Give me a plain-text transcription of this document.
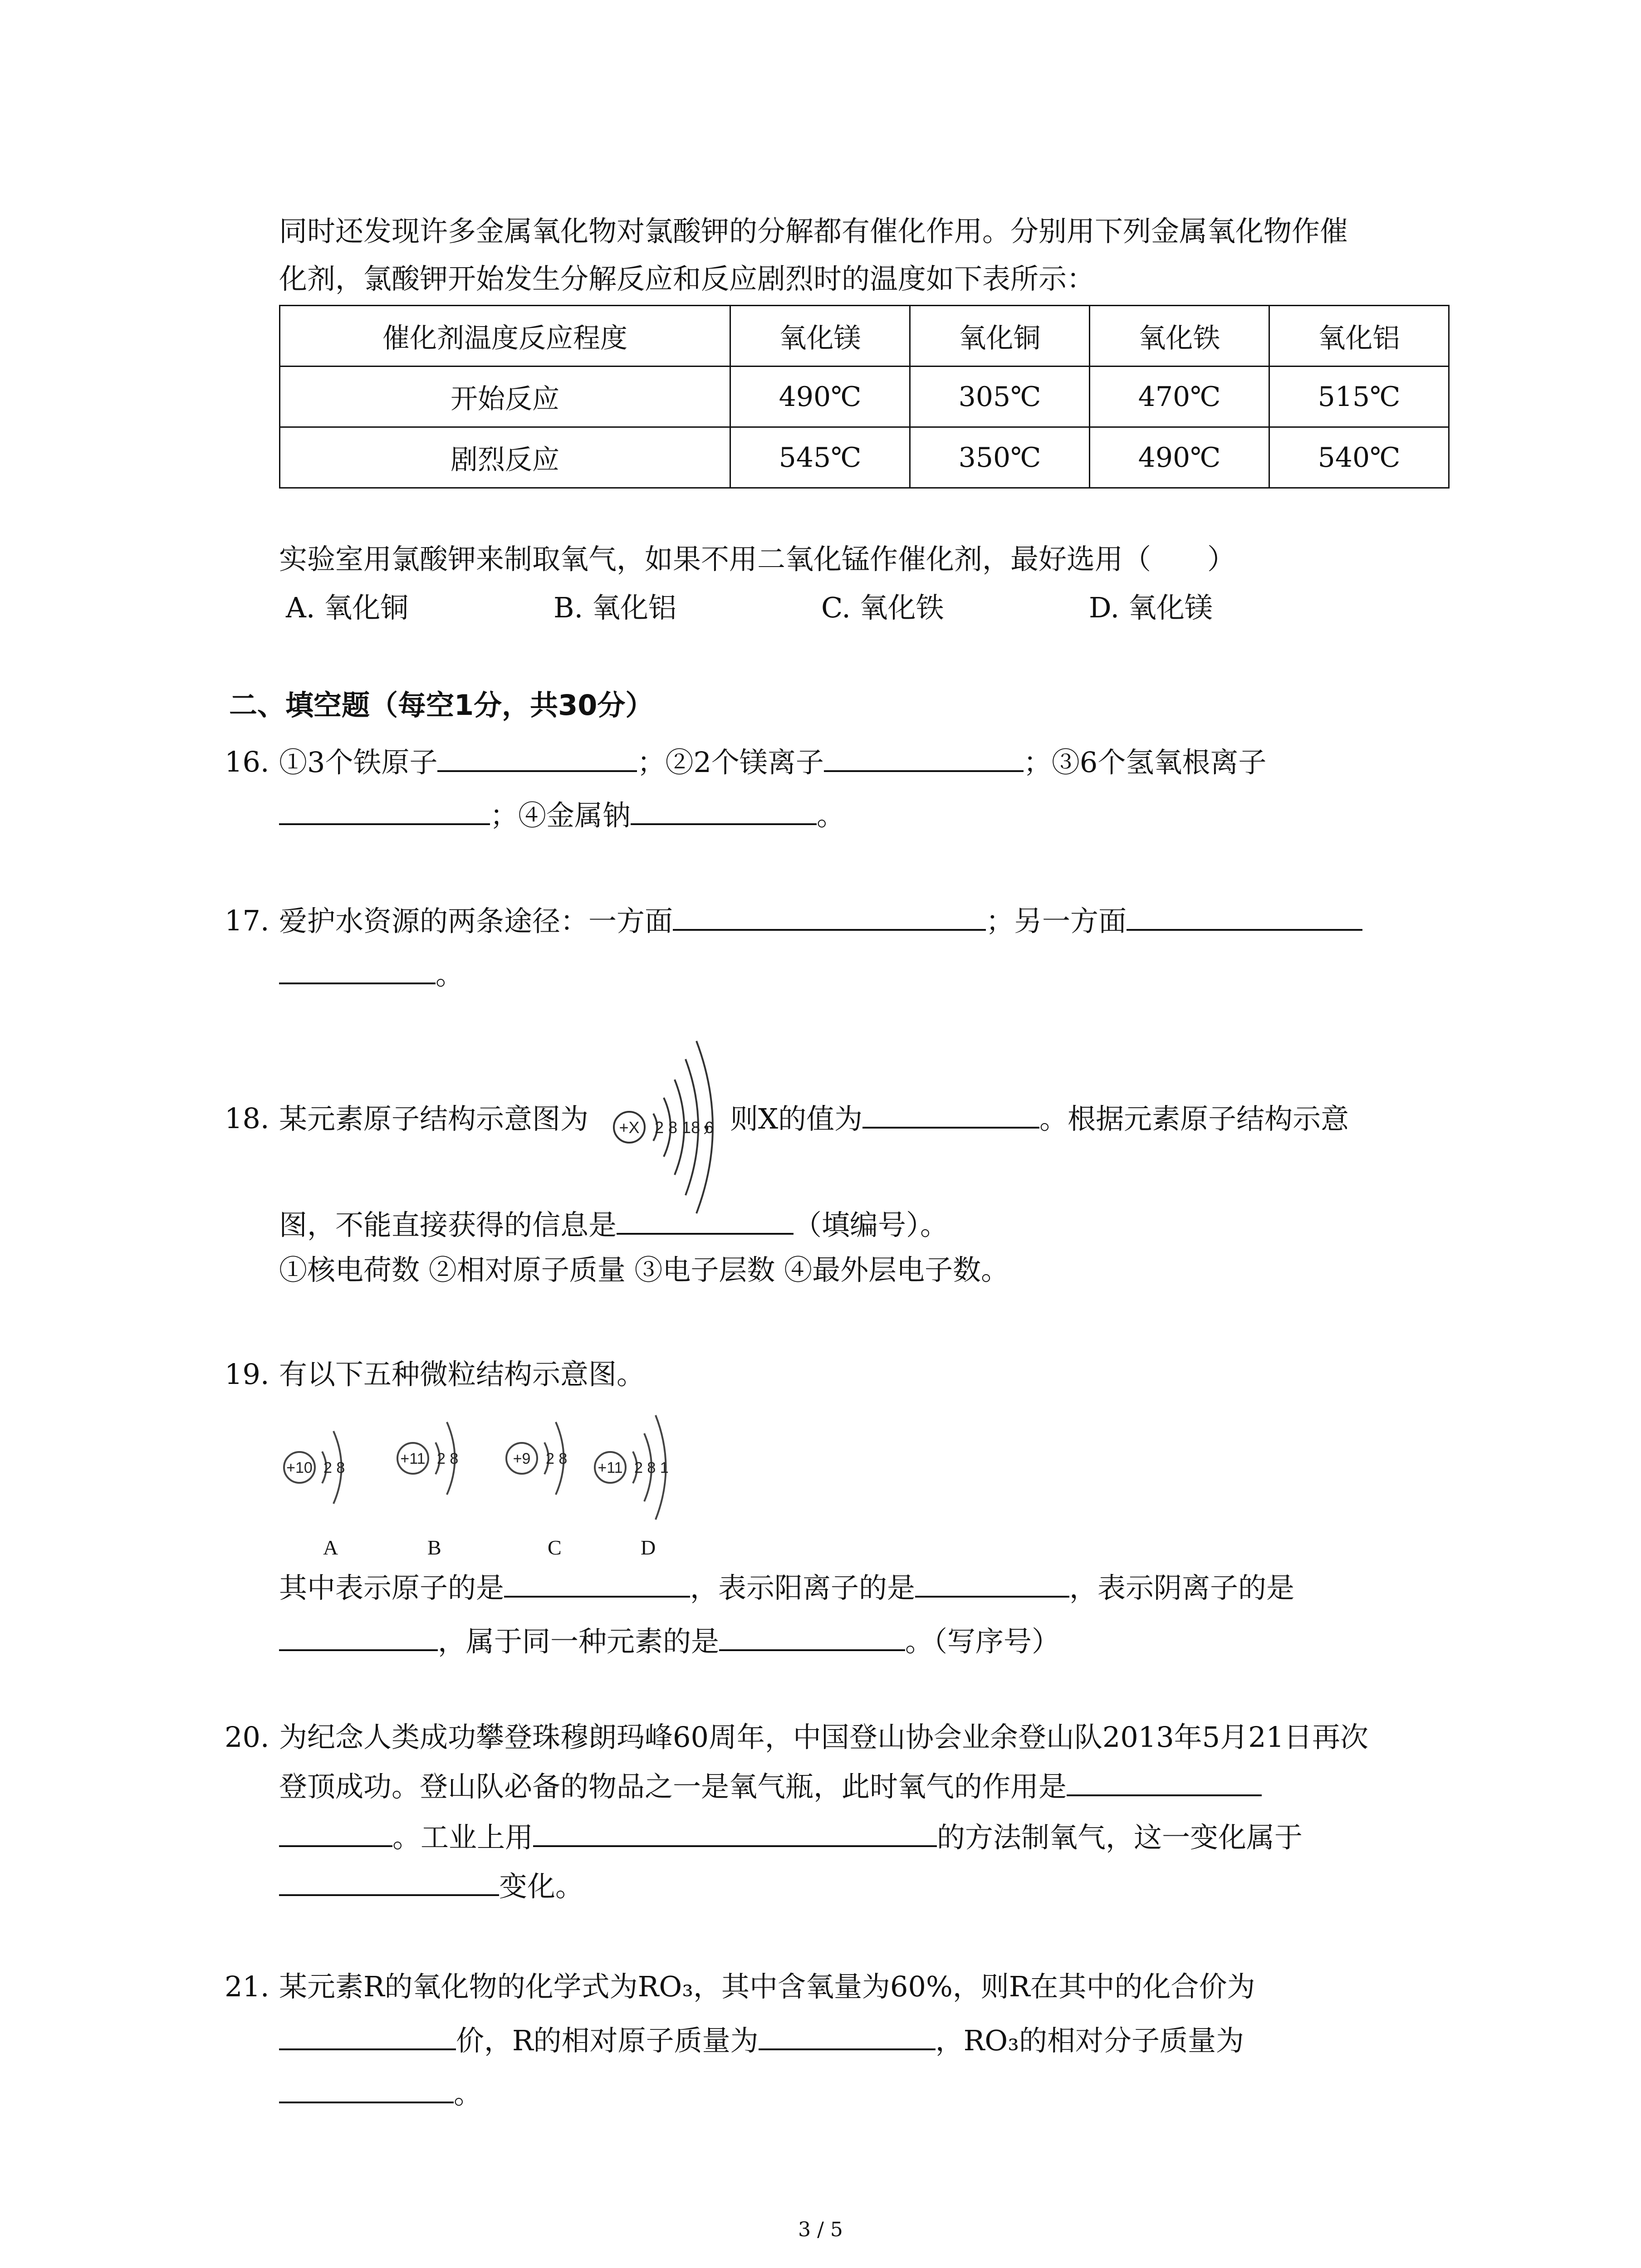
同时还发现许多金属氧化物对氯酸钾的分解都有催化作用。分别用下列金属氧化物作催
化剂，氯酸钾开始发生分解反应和反应剧烈时的温度如下表所示：
催化剂温度反应程度	氧化镁	氧化铜	氧化铁	氧化铝
开始反应	490℃	305℃	470℃	515℃
剧烈反应	545℃	350℃	490℃	540℃
实验室用氯酸钾来制取氧气，如果不用二氧化锰作催化剂，最好选用（　　）
A. 氧化铜	B. 氧化铝	C. 氧化铁	D. 氧化镁
二、填空题（每空1分，共30分）
16. ①3个铁原子	；②2个镁离子	；③6个氢氧根离子
；④金属钠	。
17. 爱护水资源的两条途径：一方面	；另一方面
。
18. 某元素原子结构示意图为	，则X的值为	。根据元素原子结构示意
+X 2 8 18 6
图，不能直接获得的信息是	（填编号）。
①核电荷数 ②相对原子质量 ③电子层数 ④最外层电子数。
19. 有以下五种微粒结构示意图。
+10 2 8
+11 2 8	+9 2 8
+11 2 8 1
A	B	C	D
其中表示原子的是	，表示阳离子的是	，表示阴离子的是
，属于同一种元素的是	。（写序号）
20. 为纪念人类成功攀登珠穆朗玛峰60周年，中国登山协会业余登山队2013年5月21日再次
登顶成功。登山队必备的物品之一是氧气瓶，此时氧气的作用是
。工业上用	的方法制氧气，这一变化属于
变化。
21. 某元素R的氧化物的化学式为RO₃，其中含氧量为60%，则R在其中的化合价为
价，R的相对原子质量为	，RO₃的相对分子质量为
。
3 / 5
